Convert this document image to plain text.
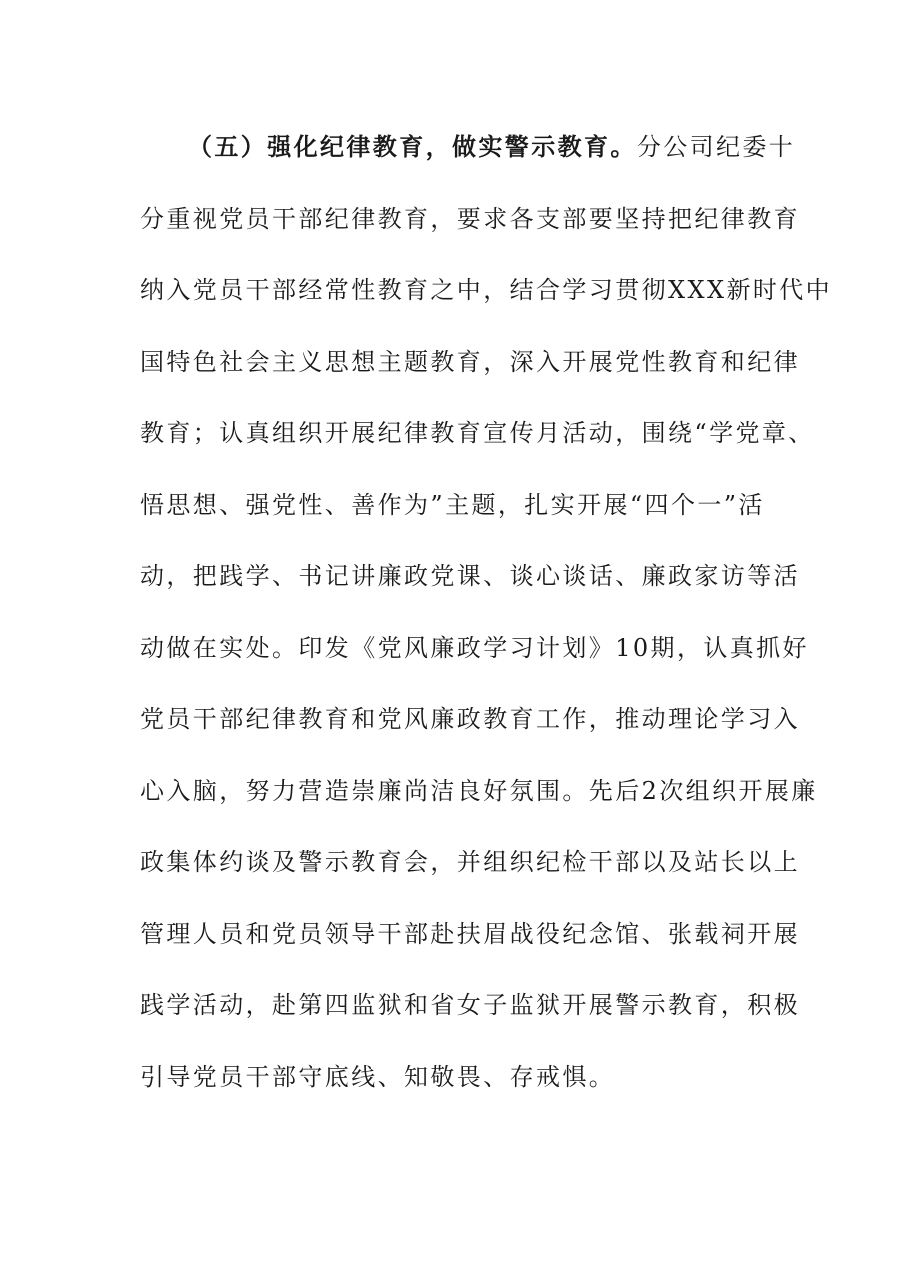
（五）强化纪律教育，做实警示教育。分公司纪委十
分重视党员干部纪律教育，要求各支部要坚持把纪律教育
纳入党员干部经常性教育之中，结合学习贯彻XXX新时代中
国特色社会主义思想主题教育，深入开展党性教育和纪律
教育；认真组织开展纪律教育宣传月活动，围绕“学党章、
悟思想、强党性、善作为”主题，扎实开展“四个一”活
动，把践学、书记讲廉政党课、谈心谈话、廉政家访等活
动做在实处。印发《党风廉政学习计划》10期，认真抓好
党员干部纪律教育和党风廉政教育工作，推动理论学习入
心入脑，努力营造崇廉尚洁良好氛围。先后2次组织开展廉
政集体约谈及警示教育会，并组织纪检干部以及站长以上
管理人员和党员领导干部赴扶眉战役纪念馆、张载祠开展
践学活动，赴第四监狱和省女子监狱开展警示教育，积极
引导党员干部守底线、知敬畏、存戒惧。
